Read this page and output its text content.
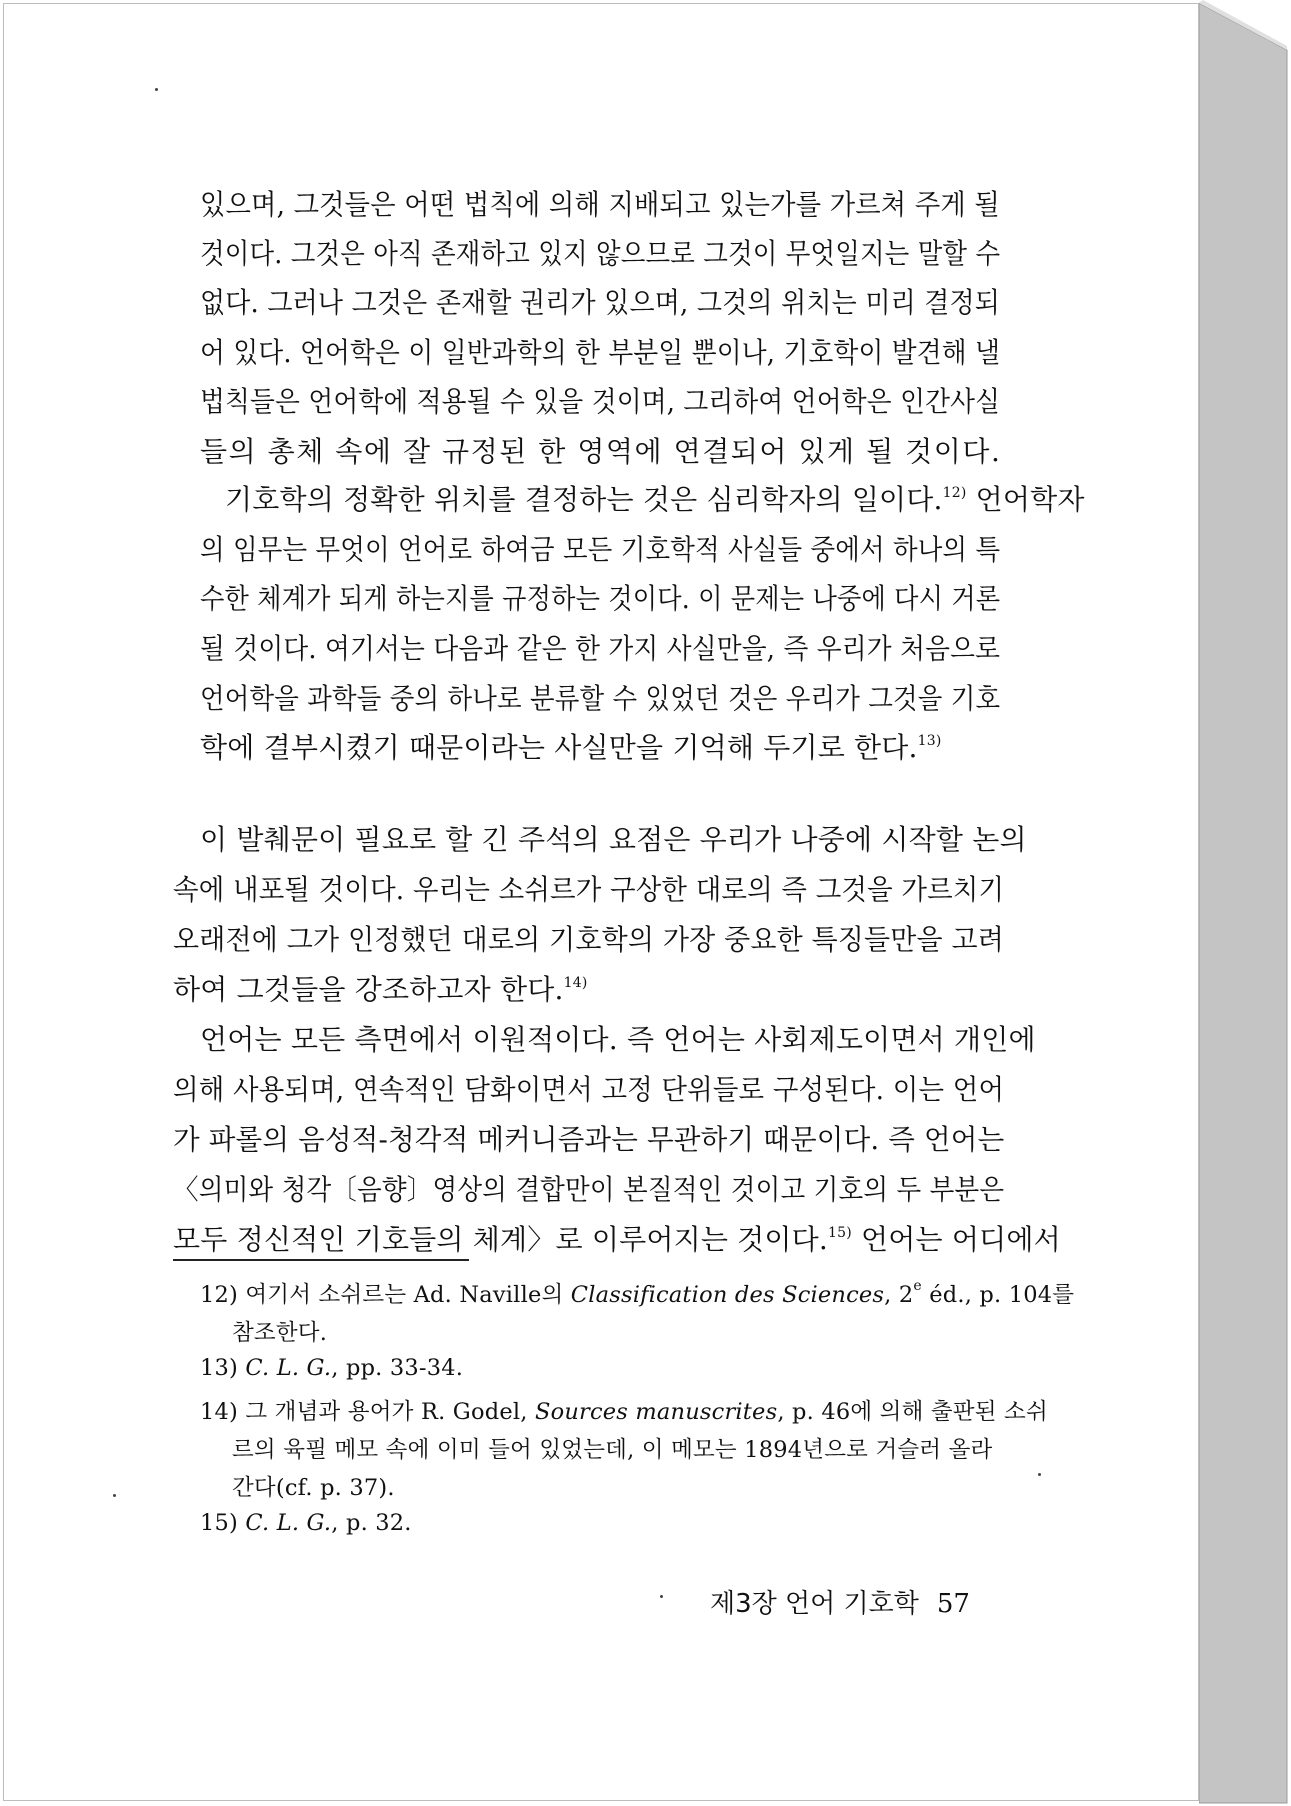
있으며, 그것들은 어떤 법칙에 의해 지배되고 있는가를 가르쳐 주게 될

것이다. 그것은 아직 존재하고 있지 않으므로 그것이 무엇일지는 말할 수

없다. 그러나 그것은 존재할 권리가 있으며, 그것의 위치는 미리 결정되

어 있다. 언어학은 이 일반과학의 한 부분일 뿐이나, 기호학이 발견해 낼

법칙들은 언어학에 적용될 수 있을 것이며, 그리하여 언어학은 인간사실

들의 총체 속에 잘 규정된 한 영역에 연결되어 있게 될 것이다.

기호학의 정확한 위치를 결정하는 것은 심리학자의 일이다.$^{12)}$ 언어학자

의 임무는 무엇이 언어로 하여금 모든 기호학적 사실들 중에서 하나의 특

수한 체계가 되게 하는지를 규정하는 것이다. 이 문제는 나중에 다시 거론

될 것이다. 여기서는 다음과 같은 한 가지 사실만을, 즉 우리가 처음으로

언어학을 과학들 중의 하나로 분류할 수 있었던 것은 우리가 그것을 기호

학에 결부시켰기 때문이라는 사실만을 기억해 두기로 한다.$^{13)}$

이 발췌문이 필요로 할 긴 주석의 요점은 우리가 나중에 시작할 논의

속에 내포될 것이다. 우리는 소쉬르가 구상한 대로의 즉 그것을 가르치기

오래전에 그가 인정했던 대로의 기호학의 가장 중요한 특징들만을 고려

하여 그것들을 강조하고자 한다.$^{14)}$

언어는 모든 측면에서 이원적이다. 즉 언어는 사회제도이면서 개인에

의해 사용되며, 연속적인 담화이면서 고정 단위들로 구성된다. 이는 언어

가 파롤의 음성적-청각적 메커니즘과는 무관하기 때문이다. 즉 언어는

〈의미와 청각〔음향〕영상의 결합만이 본질적인 것이고 기호의 두 부분은

모두 정신적인 기호들의 체계〉로 이루어지는 것이다.$^{15)}$ 언어는 어디에서

12) 여기서 소쉬르는 Ad. Naville의 Classification des Sciences, 2e éd., p. 104를

참조한다.

13) C. L. G., pp. 33-34.

14) 그 개념과 용어가 R. Godel, Sources manuscrites, p. 46에 의해 출판된 소쉬

르의 육필 메모 속에 이미 들어 있었는데, 이 메모는 1894년으로 거슬러 올라

간다(cf. p. 37).

15) C. L. G., p. 32.

제3장 언어 기호학 57
